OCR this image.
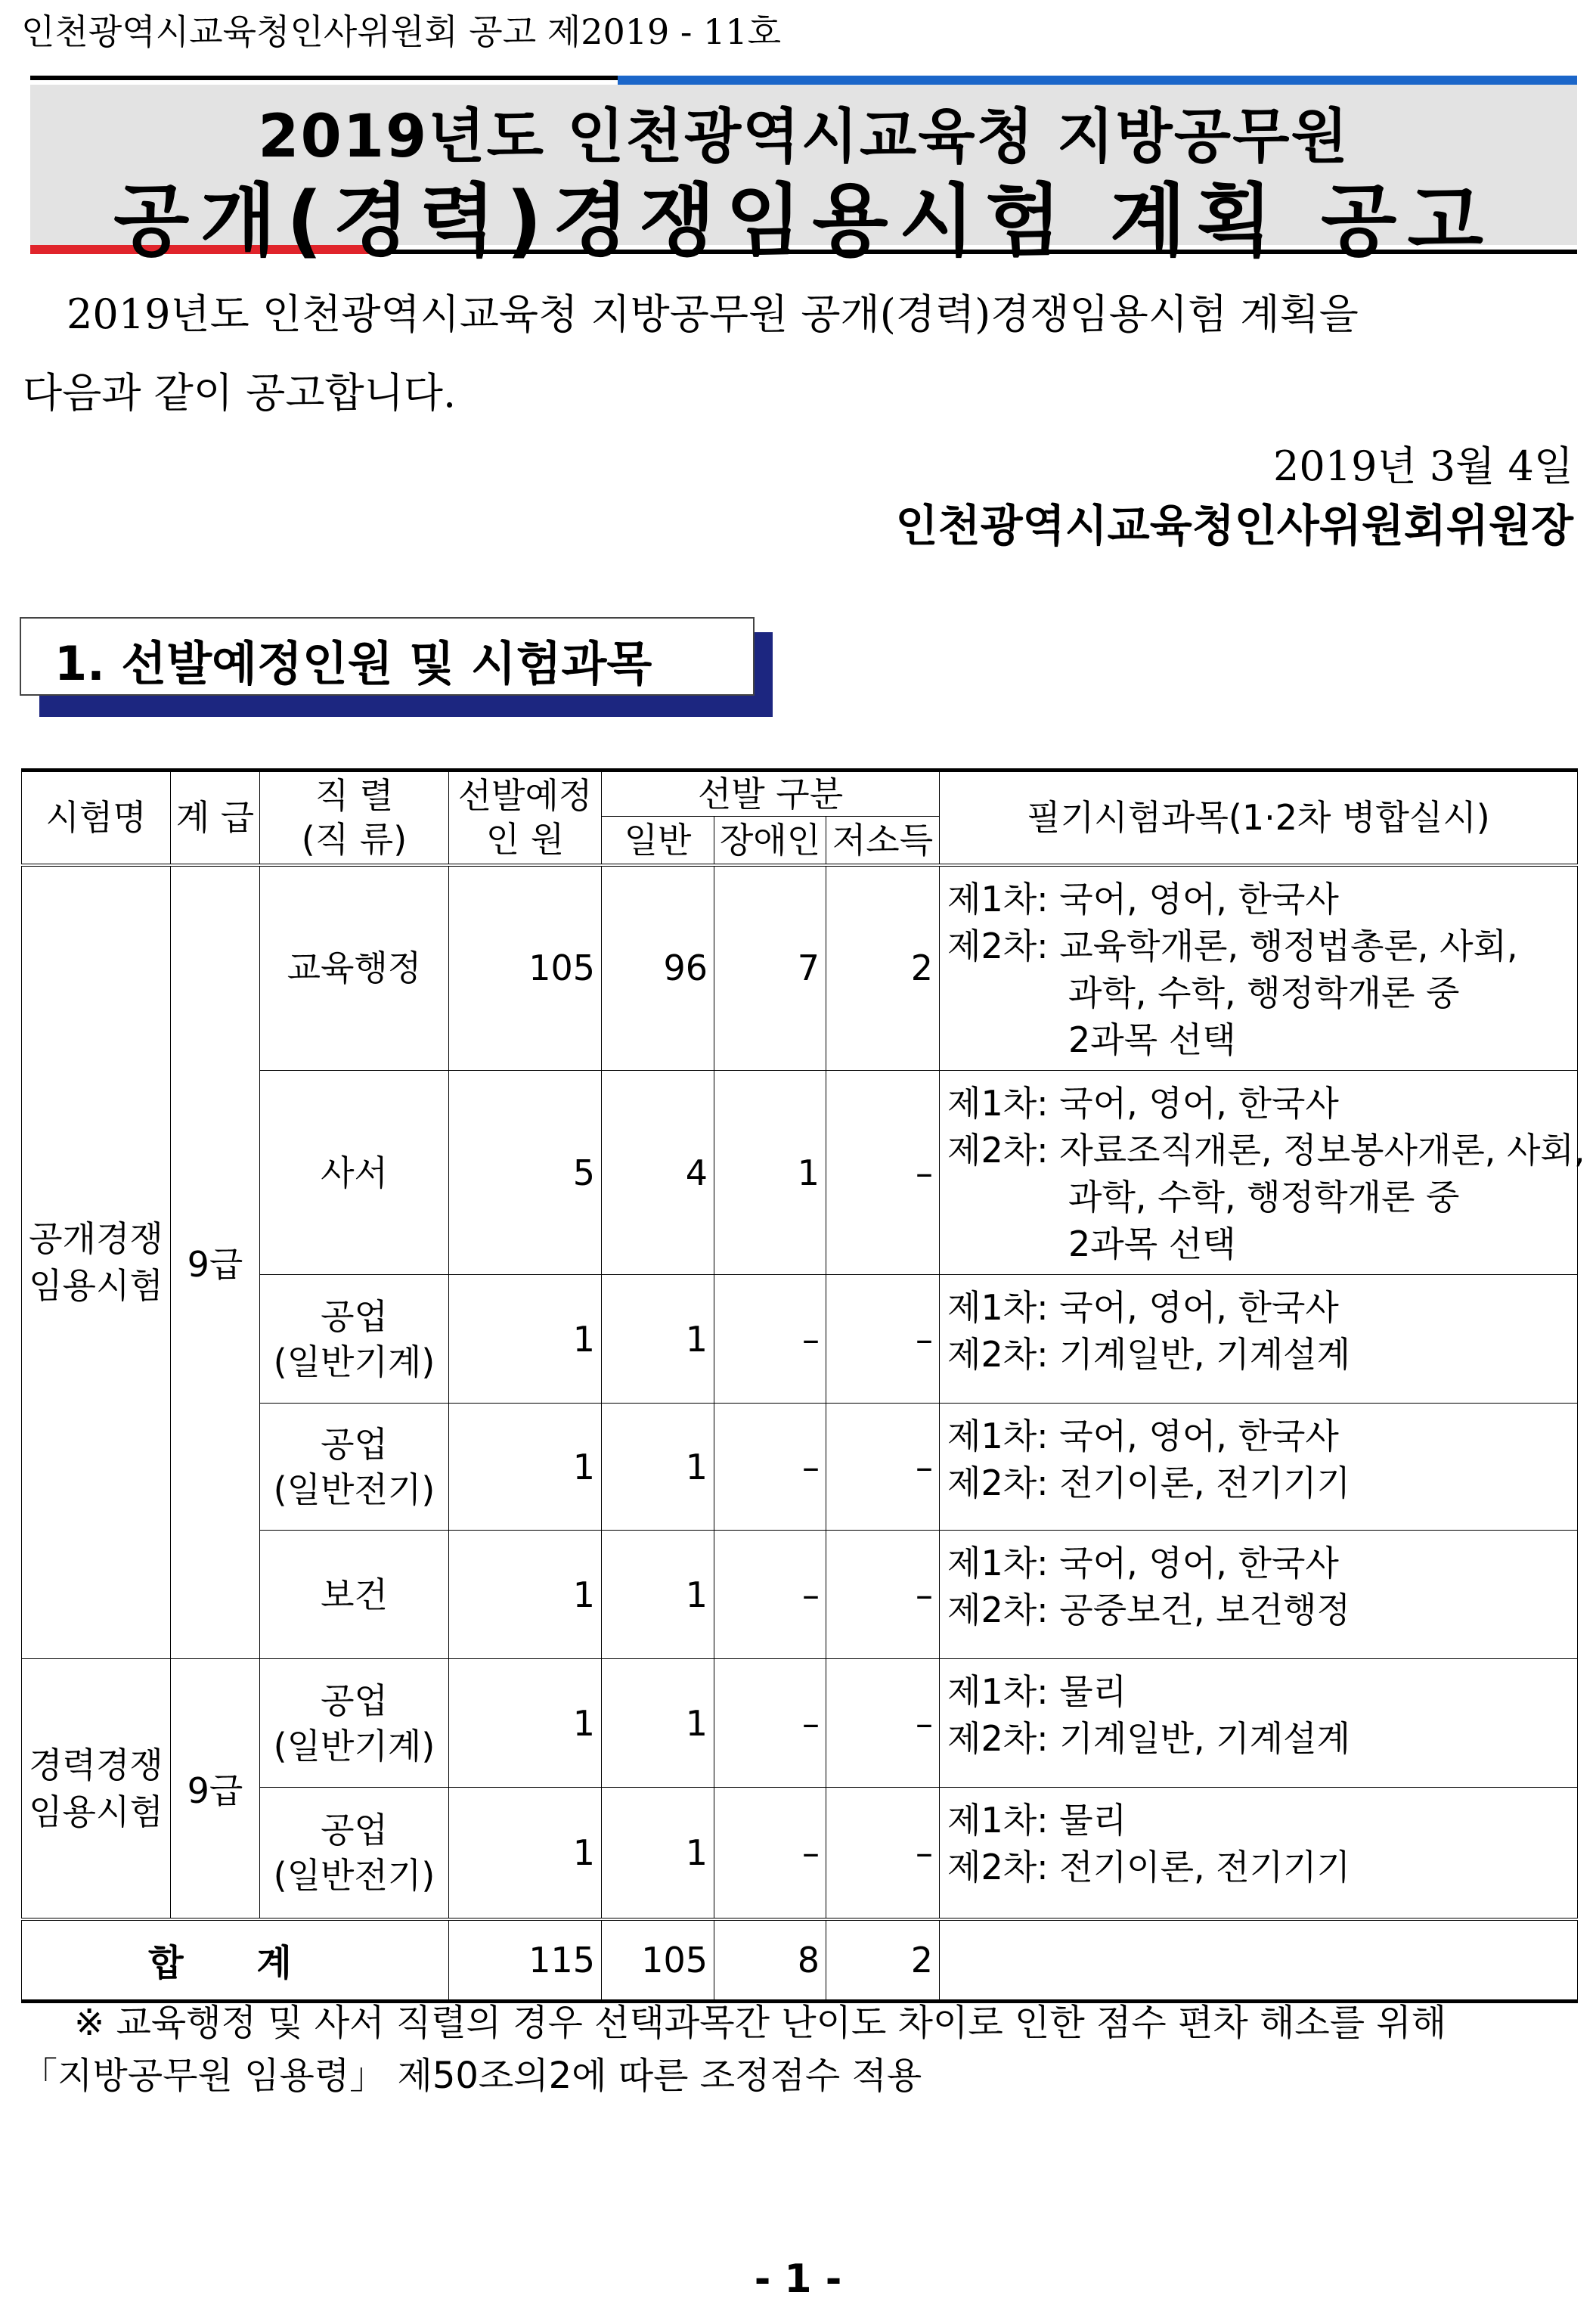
인천광역시교육청인사위원회 공고 제2019 - 11호
2019년도 인천광역시교육청 지방공무원
공개(경력)경쟁임용시험 계획 공고
2019년도 인천광역시교육청 지방공무원 공개(경력)경쟁임용시험 계획을
다음과 같이 공고합니다.
2019년 3월 4일
인천광역시교육청인사위원회위원장
1. 선발예정인원 및 시험과목
시험명	계 급	직 렬
(직 류)	선발예정
인 원	선발 구분			필기시험과목(1·2차 병합실시)
				일반	장애인	저소득	
공개경쟁
임용시험	9급	교육행정	105	96	7	2	제1차: 국어, 영어, 한국사
제2차: 교육학개론, 행정법총론, 사회,
과학, 수학, 행정학개론 중
2과목 선택

		사서	5	4	1	–	제1차: 국어, 영어, 한국사
제2차: 자료조직개론, 정보봉사개론, 사회,
과학, 수학, 행정학개론 중
2과목 선택

		공업
(일반기계)	1	1	–	–	제1차: 국어, 영어, 한국사
제2차: 기계일반, 기계설계

		공업
(일반전기)	1	1	–	–	제1차: 국어, 영어, 한국사
제2차: 전기이론, 전기기기

		보건	1	1	–	–	제1차: 국어, 영어, 한국사
제2차: 공중보건, 보건행정

경력경쟁
임용시험	9급	공업
(일반기계)	1	1	–	–	제1차: 물리
제2차: 기계일반, 기계설계

		공업
(일반전기)	1	1	–	–	제1차: 물리
제2차: 전기이론, 전기기기

합 계			115	105	8	2	
※ 교육행정 및 사서 직렬의 경우 선택과목간 난이도 차이로 인한 점수 편차 해소를 위해
「지방공무원 임용령」 제50조의2에 따른 조정점수 적용
- 1 -
